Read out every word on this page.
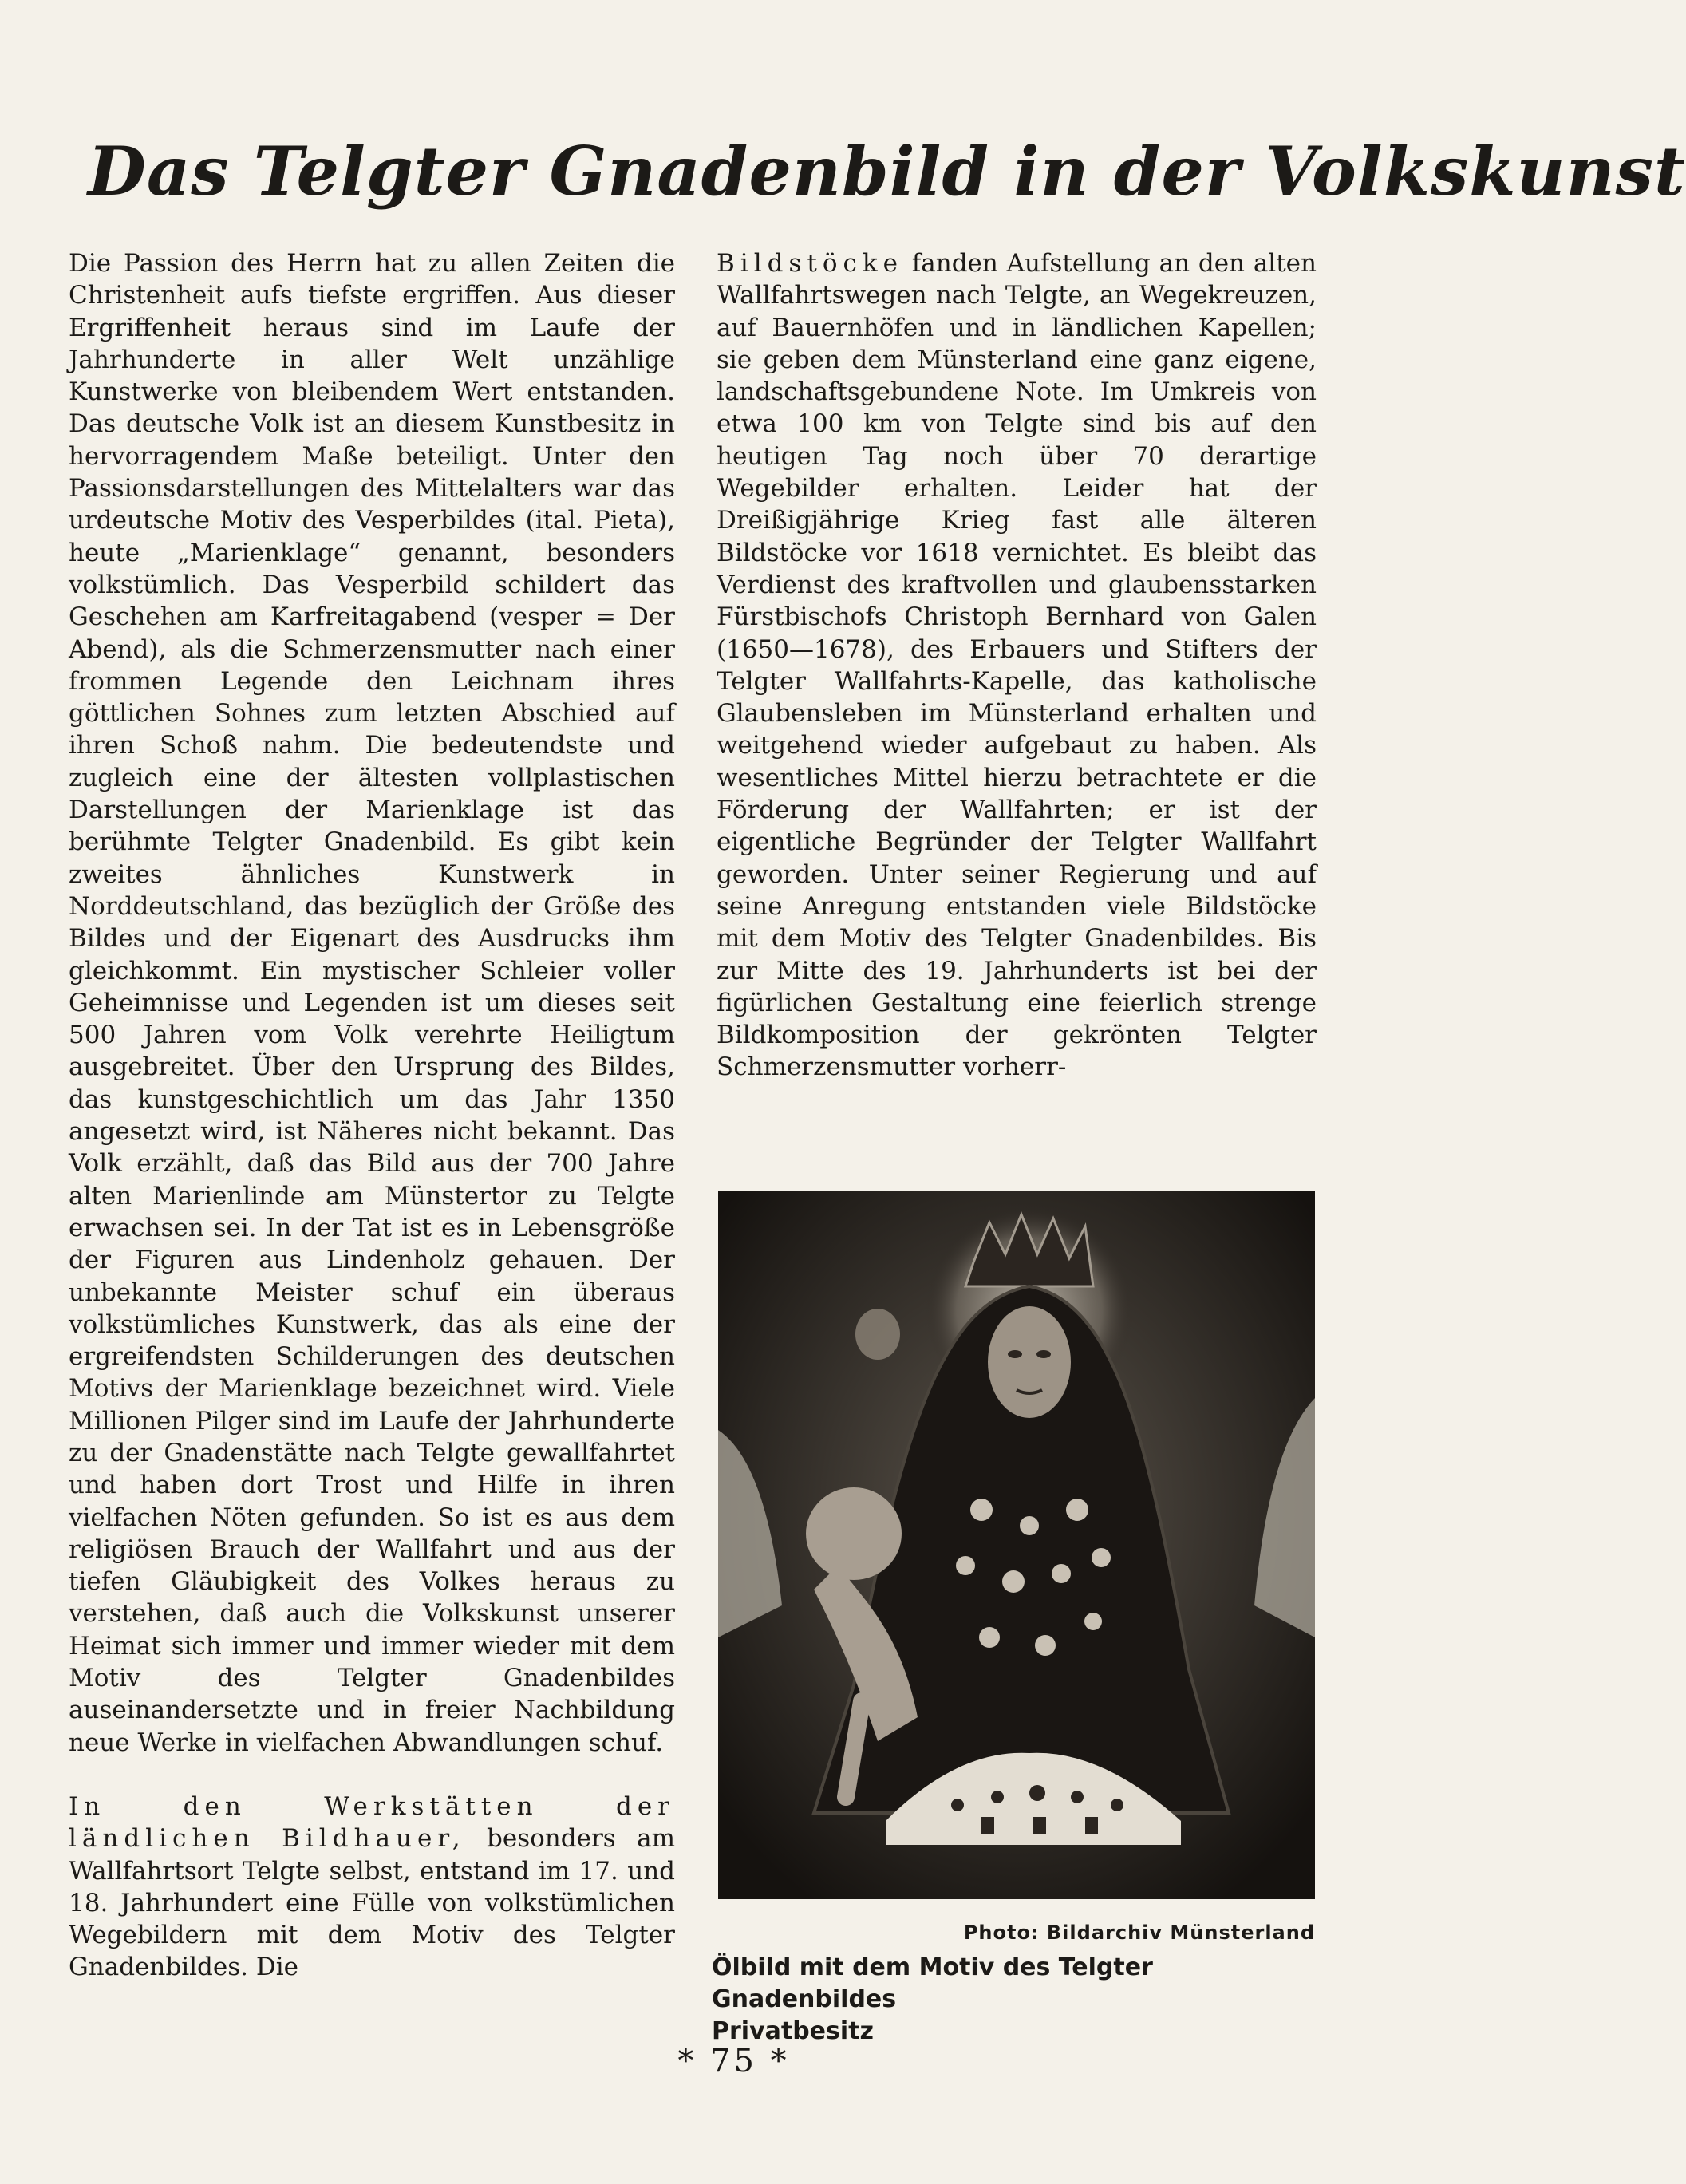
Das Telgter Gnadenbild in der Volkskunst

Die Passion des Herrn hat zu allen Zeiten die Christenheit aufs tiefste ergriffen. Aus dieser Ergriffenheit heraus sind im Laufe der Jahrhunderte in aller Welt unzählige Kunstwerke von bleibendem Wert entstanden. Das deutsche Volk ist an diesem Kunstbesitz in hervorragendem Maße beteiligt. Unter den Passionsdarstellungen des Mittelalters war das urdeutsche Motiv des Vesperbildes (ital. Pieta), heute „Marienklage“ genannt, besonders volkstümlich. Das Vesperbild schildert das Geschehen am Karfreitagabend (vesper = Der Abend), als die Schmerzensmutter nach einer frommen Legende den Leichnam ihres göttlichen Sohnes zum letzten Abschied auf ihren Schoß nahm. Die bedeutendste und zugleich eine der ältesten vollplastischen Darstellungen der Marienklage ist das berühmte Telgter Gnadenbild. Es gibt kein zweites ähnliches Kunstwerk in Norddeutschland, das bezüglich der Größe des Bildes und der Eigenart des Ausdrucks ihm gleichkommt. Ein mystischer Schleier voller Geheimnisse und Legenden ist um dieses seit 500 Jahren vom Volk verehrte Heiligtum ausgebreitet. Über den Ursprung des Bildes, das kunstgeschichtlich um das Jahr 1350 angesetzt wird, ist Näheres nicht bekannt. Das Volk erzählt, daß das Bild aus der 700 Jahre alten Marienlinde am Münstertor zu Telgte erwachsen sei. In der Tat ist es in Lebensgröße der Figuren aus Lindenholz gehauen. Der unbekannte Meister schuf ein überaus volkstümliches Kunstwerk, das als eine der ergreifendsten Schilderungen des deutschen Motivs der Marienklage bezeichnet wird. Viele Millionen Pilger sind im Laufe der Jahrhunderte zu der Gnadenstätte nach Telgte gewallfahrtet und haben dort Trost und Hilfe in ihren vielfachen Nöten gefunden. So ist es aus dem religiösen Brauch der Wallfahrt und aus der tiefen Gläubigkeit des Volkes heraus zu verstehen, daß auch die Volkskunst unserer Heimat sich immer und immer wieder mit dem Motiv des Telgter Gnadenbildes auseinandersetzte und in freier Nachbildung neue Werke in vielfachen Abwandlungen schuf.

In den Werkstätten der ländlichen Bildhauer, besonders am Wallfahrtsort Telgte selbst, entstand im 17. und 18. Jahrhundert eine Fülle von volkstümlichen Wegebildern mit dem Motiv des Telgter Gnadenbildes. Die

Bildstöcke fanden Aufstellung an den alten Wallfahrtswegen nach Telgte, an Wegekreuzen, auf Bauernhöfen und in ländlichen Kapellen; sie geben dem Münsterland eine ganz eigene, landschaftsgebundene Note. Im Umkreis von etwa 100 km von Telgte sind bis auf den heutigen Tag noch über 70 derartige Wegebilder erhalten. Leider hat der Dreißigjährige Krieg fast alle älteren Bildstöcke vor 1618 vernichtet. Es bleibt das Verdienst des kraftvollen und glaubensstarken Fürstbischofs Christoph Bernhard von Galen (1650—1678), des Erbauers und Stifters der Telgter Wallfahrts-Kapelle, das katholische Glaubensleben im Münsterland erhalten und weitgehend wieder aufgebaut zu haben. Als wesentliches Mittel hierzu betrachtete er die Förderung der Wallfahrten; er ist der eigentliche Begründer der Telgter Wallfahrt geworden. Unter seiner Regierung und auf seine Anregung entstanden viele Bildstöcke mit dem Motiv des Telgter Gnadenbildes. Bis zur Mitte des 19. Jahrhunderts ist bei der figürlichen Gestaltung eine feierlich strenge Bildkomposition der gekrönten Telgter Schmerzensmutter vorherr-

Photo: Bildarchiv Münsterland

Ölbild mit dem Motiv des Telgter Gnadenbildes
Privatbesitz

* 75 *
